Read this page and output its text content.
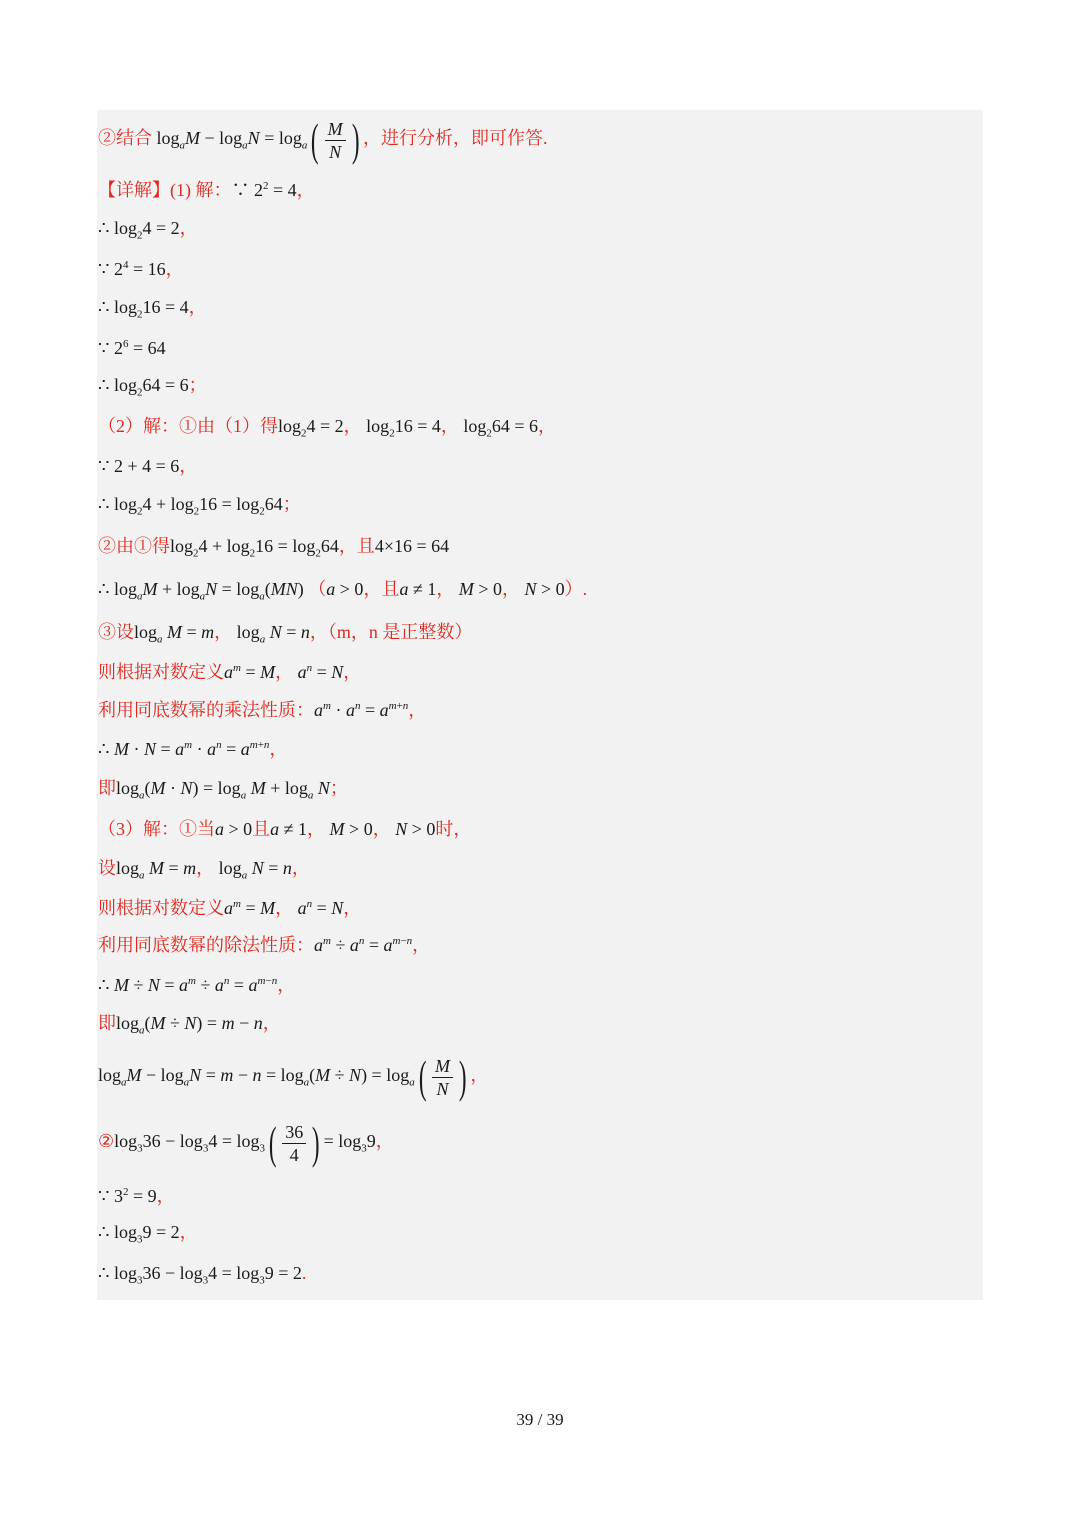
②结合 $\log_aM - \log_aN = \log_a( \frac{M}{N}$ ) ，进行分析，即可作答.
【详解】(1) 解：∵ $2^2 = 4$，
∴ $\log_24 = 2$，
∵ $2^4 = 16$，
∴ $\log_216 = 4$，
∵ $2^6 = 64$
∴ $\log_264 = 6$；
（2）解：①由（1）得$\log_24 = 2$， $\log_216 = 4$， $\log_264 = 6$，
∵ 2 + 4 = 6，
∴ $\log_24 + \log_216 = \log_264$；
②由①得$\log_24 + \log_216 = \log_264$，且4×16 = 64
∴ $\log_aM + \log_aN = \log_a(MN) (a > 0$，且a ≠ 1， M > 0， N > 0）.
③设$\log_a M = m$， $\log_a N = n$，（m，n 是正整数）
则根据对数定义$a^m = M$， $a^n = N$，
利用同底数幂的乘法性质：$a^m \cdot a^n = a^{m+n}$，
∴ $M \cdot N = a^m \cdot a^n = a^{m+n}$，
即$\log_a(M \cdot N) = \log_a M + \log_a N$；
（3）解：①当a > 0且a ≠ 1， M > 0， N > 0时，
设$\log_a M = m$， $\log_a N = n$，
则根据对数定义$a^m = M$， $a^n = N$，
利用同底数幂的除法性质：$a^m \div a^n = a^{m-n}$，
∴ $M \div N = a^m \div a^n = a^{m-n}$，
即$\log_a(M \div N) = m - n$，
$\log_aM - \log_aN = m - n = \log_a(M \div N) = \log_a( \frac{M}{N}$ ) ，
$②\log_336 - \log_34 = \log_3( \frac{36}{4}$ ) = $\log_39$，
∵ $3^2 = 9$，
∴ $\log_39 = 2$，
∴ $\log_336 - \log_34 = \log_39 = 2$.
39 / 39
